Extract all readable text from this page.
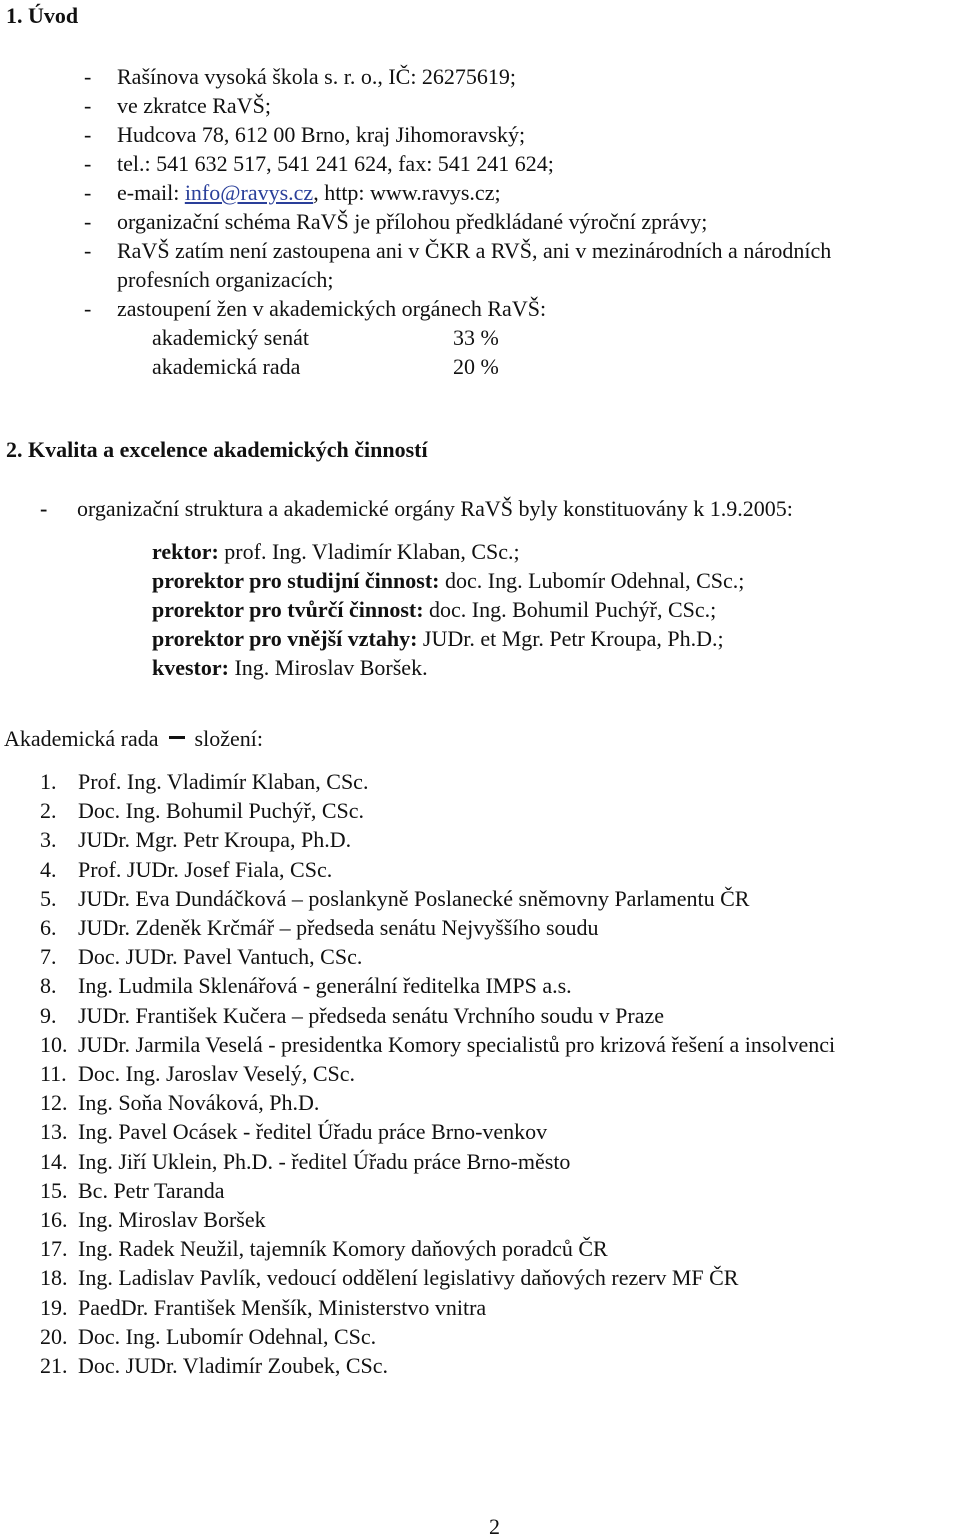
1. Úvod
- Rašínova vysoká škola s. r. o., IČ: 26275619;
- ve zkratce RaVŠ;
- Hudcova 78, 612 00 Brno, kraj Jihomoravský;
- tel.: 541 632 517, 541 241 624, fax: 541 241 624;
- e-mail: info@ravys.cz, http: www.ravys.cz;
- organizační schéma RaVŠ je přílohou předkládané výroční zprávy;
- RaVŠ zatím není zastoupena ani v ČKR a RVŠ, ani v mezinárodních a národních
profesních organizacích;
- zastoupení žen v akademických orgánech RaVŠ:
akademický senát	33 %
akademická rada	20 %
2. Kvalita a excelence akademických činností
- organizační struktura a akademické orgány RaVŠ byly konstituovány k 1.9.2005:
rektor: prof. Ing. Vladimír Klaban, CSc.;
prorektor pro studijní činnost: doc. Ing. Lubomír Odehnal, CSc.;
prorektor pro tvůrčí činnost: doc. Ing. Bohumil Puchýř, CSc.;
prorektor pro vnější vztahy: JUDr. et Mgr. Petr Kroupa, Ph.D.;
kvestor: Ing. Miroslav Boršek.
Akademická rada složení:
1. Prof. Ing. Vladimír Klaban, CSc.
2. Doc. Ing. Bohumil Puchýř, CSc.
3. JUDr. Mgr. Petr Kroupa, Ph.D.
4. Prof. JUDr. Josef Fiala, CSc.
5. JUDr. Eva Dundáčková – poslankyně Poslanecké sněmovny Parlamentu ČR
6. JUDr. Zdeněk Krčmář – předseda senátu Nejvyššího soudu
7. Doc. JUDr. Pavel Vantuch, CSc.
8. Ing. Ludmila Sklenářová - generální ředitelka IMPS a.s.
9. JUDr. František Kučera – předseda senátu Vrchního soudu v Praze
10. JUDr. Jarmila Veselá - presidentka Komory specialistů pro krizová řešení a insolvenci
11. Doc. Ing. Jaroslav Veselý, CSc.
12. Ing. Soňa Nováková, Ph.D.
13. Ing. Pavel Ocásek - ředitel Úřadu práce Brno-venkov
14. Ing. Jiří Uklein, Ph.D. - ředitel Úřadu práce Brno-město
15. Bc. Petr Taranda
16. Ing. Miroslav Boršek
17. Ing. Radek Neužil, tajemník Komory daňových poradců ČR
18. Ing. Ladislav Pavlík, vedoucí oddělení legislativy daňových rezerv MF ČR
19. PaedDr. František Menšík, Ministerstvo vnitra
20. Doc. Ing. Lubomír Odehnal, CSc.
21. Doc. JUDr. Vladimír Zoubek, CSc.
2
